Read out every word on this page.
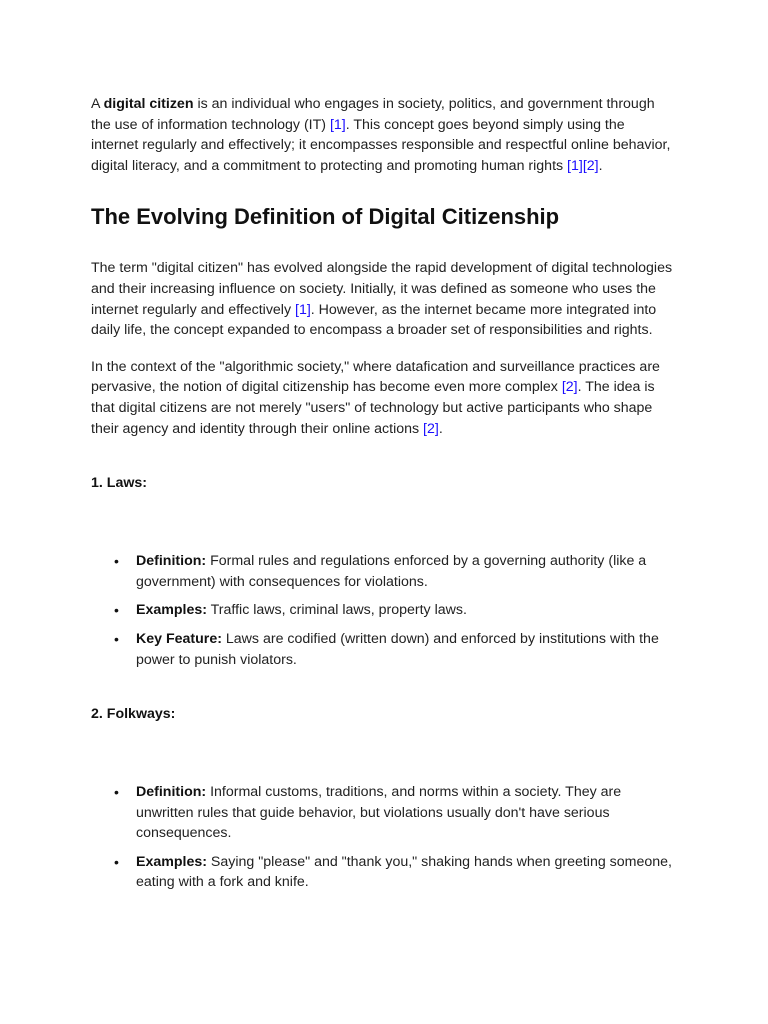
A digital citizen is an individual who engages in society, politics, and government through the use of information technology (IT) [1]. This concept goes beyond simply using the internet regularly and effectively; it encompasses responsible and respectful online behavior, digital literacy, and a commitment to protecting and promoting human rights [1][2].

The Evolving Definition of Digital Citizenship

The term "digital citizen" has evolved alongside the rapid development of digital technologies and their increasing influence on society. Initially, it was defined as someone who uses the internet regularly and effectively [1]. However, as the internet became more integrated into daily life, the concept expanded to encompass a broader set of responsibilities and rights.

In the context of the "algorithmic society," where datafication and surveillance practices are pervasive, the notion of digital citizenship has become even more complex [2]. The idea is that digital citizens are not merely "users" of technology but active participants who shape their agency and identity through their online actions [2].

1. Laws:

• Definition: Formal rules and regulations enforced by a governing authority (like a government) with consequences for violations.
• Examples: Traffic laws, criminal laws, property laws.
• Key Feature: Laws are codified (written down) and enforced by institutions with the power to punish violators.

2. Folkways:

• Definition: Informal customs, traditions, and norms within a society. They are unwritten rules that guide behavior, but violations usually don't have serious consequences.
• Examples: Saying "please" and "thank you," shaking hands when greeting someone, eating with a fork and knife.
